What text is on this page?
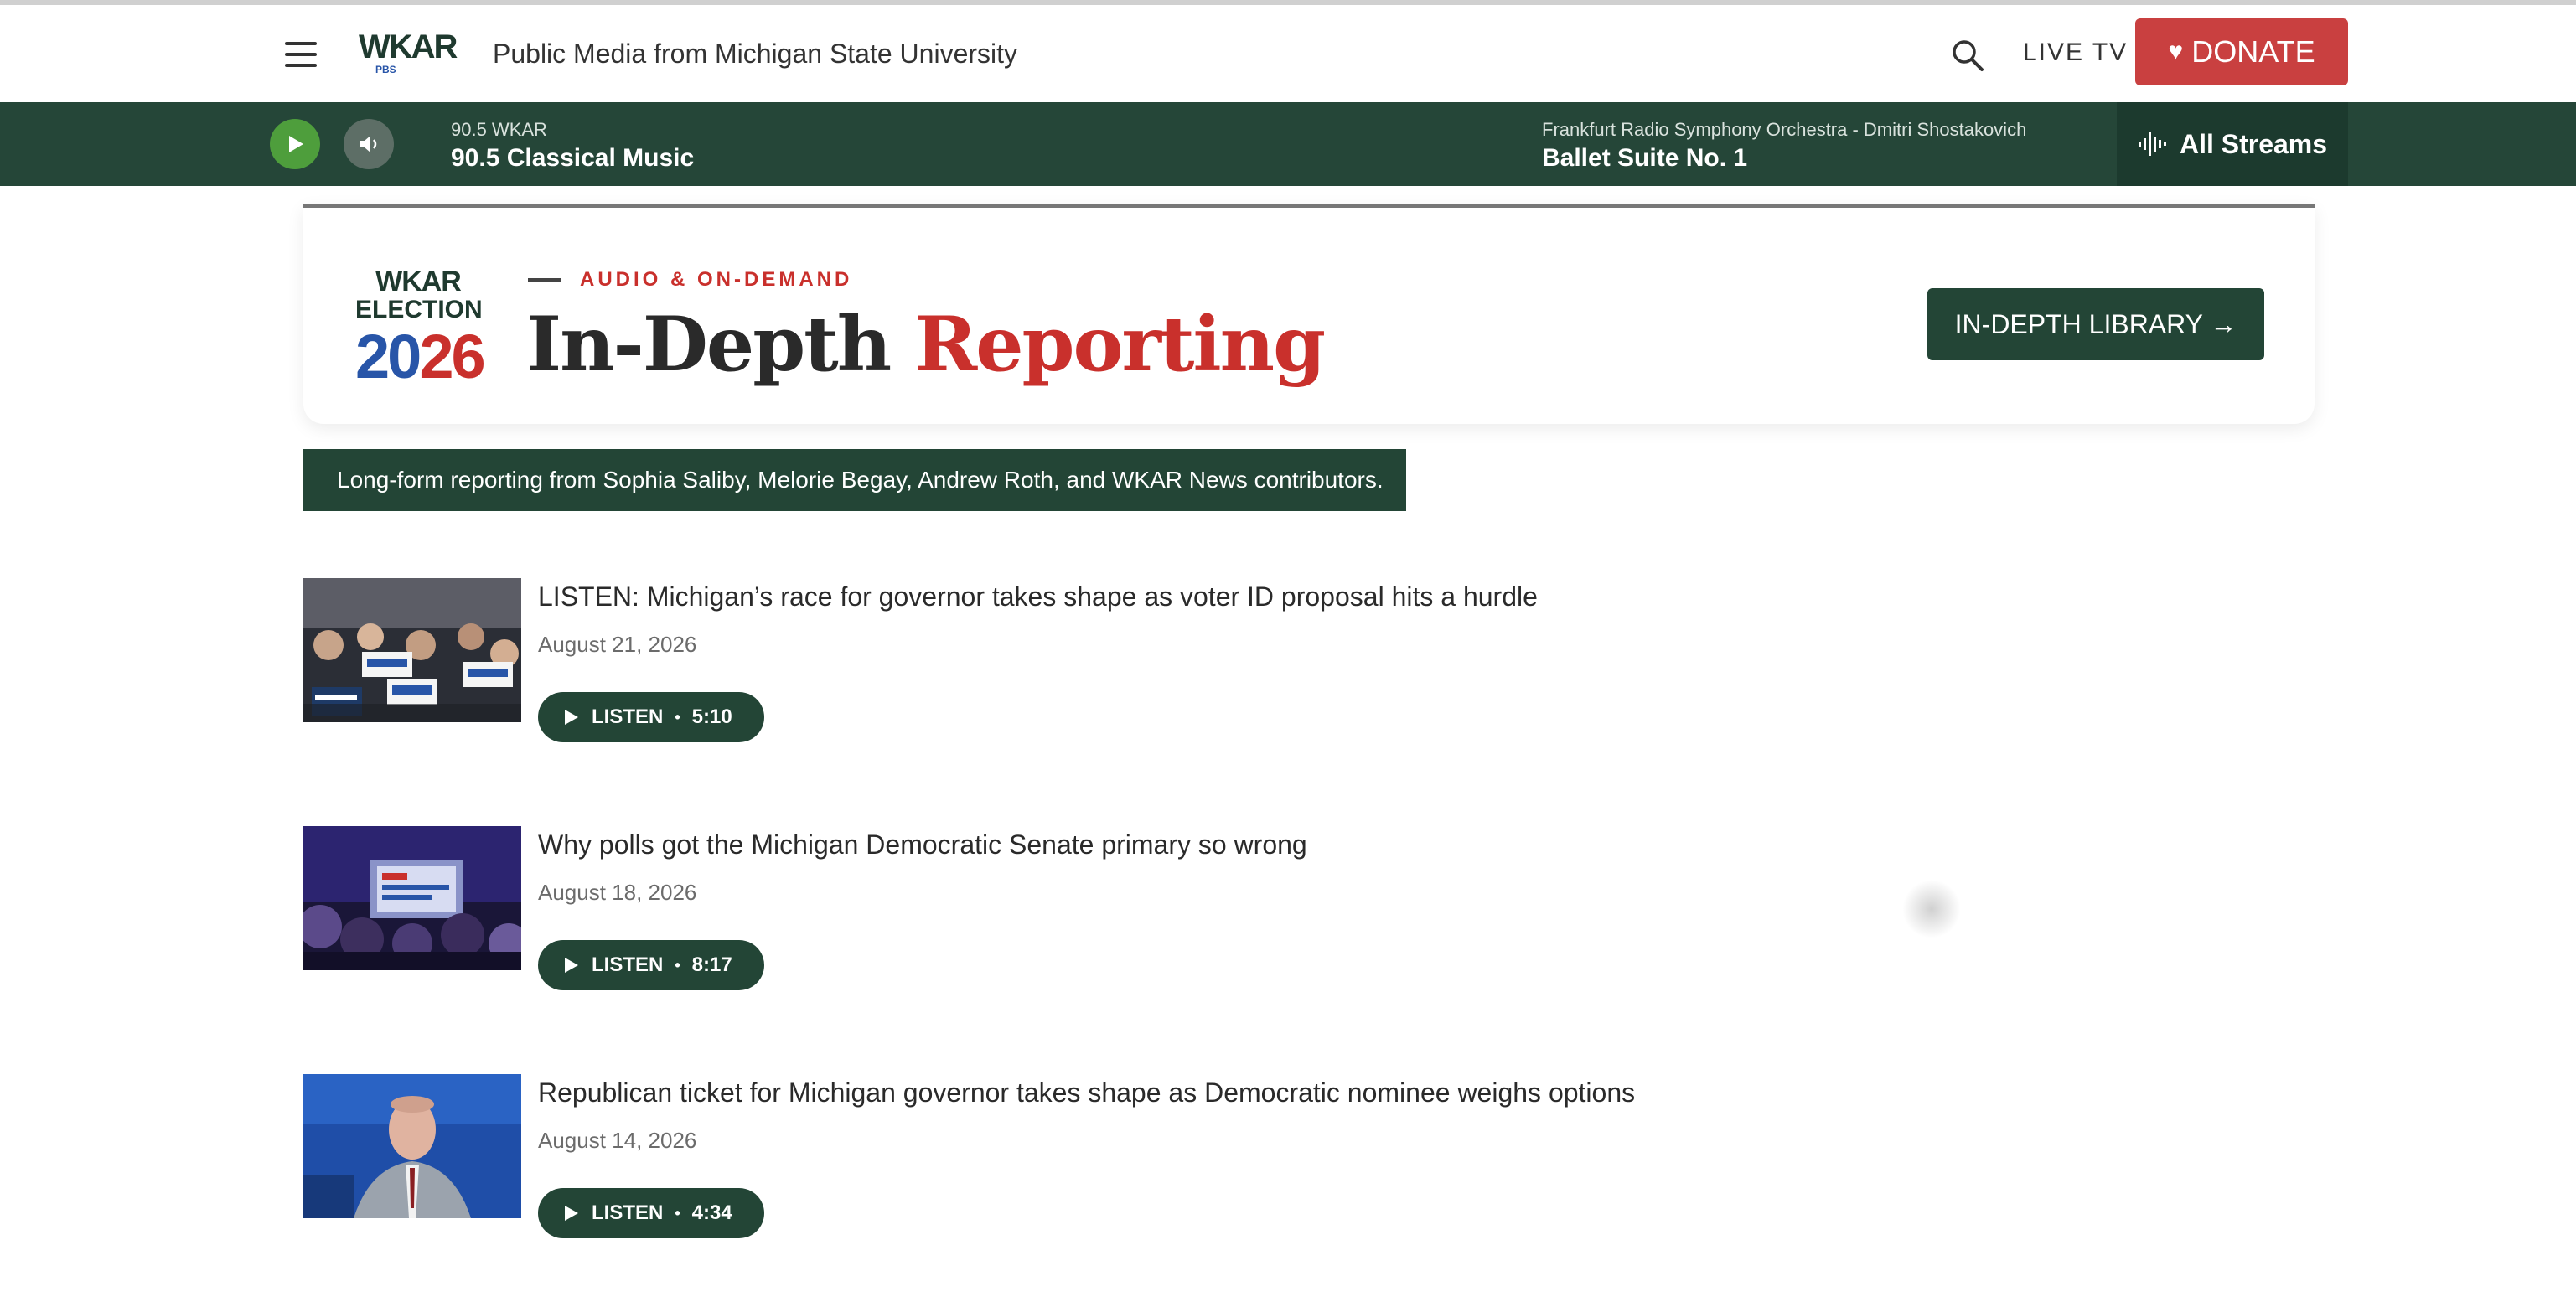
WKAR
PBS
Public Media from Michigan State University	LIVE TV ♥ DONATE
90.5 WKAR
90.5 Classical Music
Frankfurt Radio Symphony Orchestra - Dmitri Shostakovich
Ballet Suite No. 1	All Streams
WKAR
ELECTION
2026
AUDIO & ON-DEMAND
In-Depth Reporting	IN-DEPTH LIBRARY →
Long-form reporting from Sophia Saliby, Melorie Begay, Andrew Roth, and WKAR News contributors.
LISTEN: Michigan’s race for governor takes shape as voter ID proposal hits a hurdle
August 21, 2026
LISTEN • 5:10
Why polls got the Michigan Democratic Senate primary so wrong
August 18, 2026
LISTEN • 8:17
Republican ticket for Michigan governor takes shape as Democratic nominee weighs options
August 14, 2026
LISTEN • 4:34
